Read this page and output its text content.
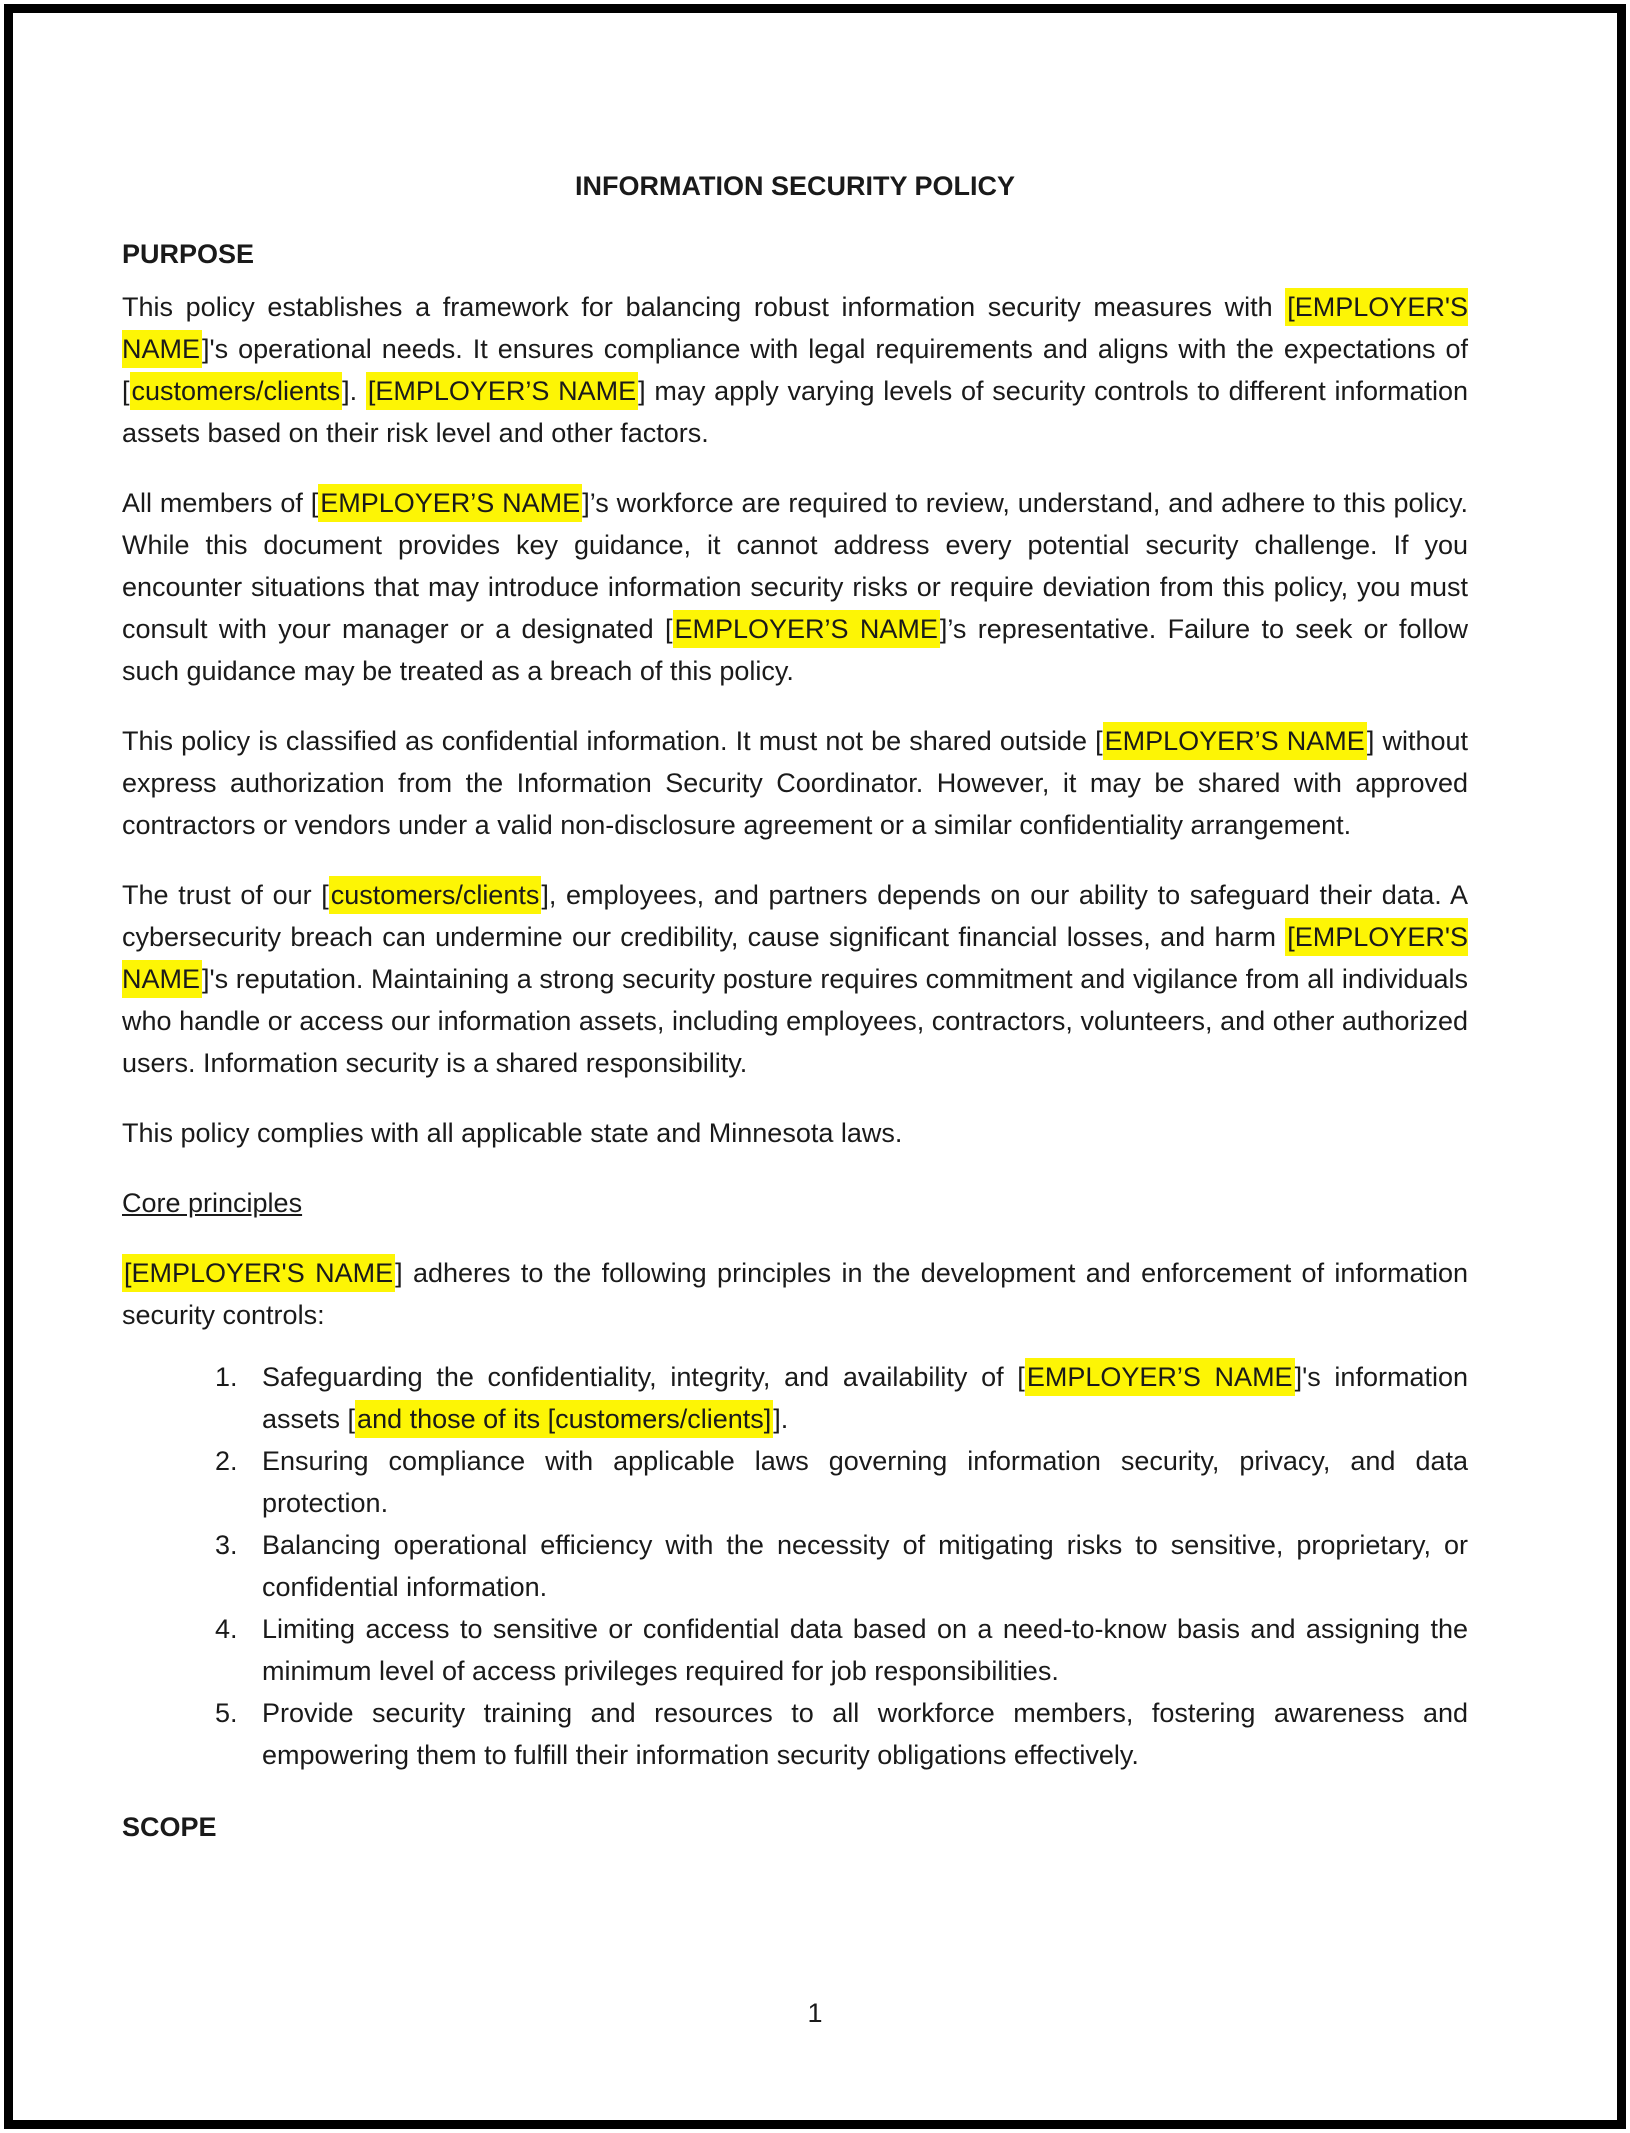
INFORMATION SECURITY POLICY
PURPOSE

This policy establishes a framework for balancing robust information security measures with [EMPLOYER'S NAME]'s operational needs. It ensures compliance with legal requirements and aligns with the expectations of [customers/clients]. [EMPLOYER’S NAME] may apply varying levels of security controls to different information assets based on their risk level and other factors.

All members of [EMPLOYER’S NAME]’s workforce are required to review, understand, and adhere to this policy. While this document provides key guidance, it cannot address every potential security challenge. If you encounter situations that may introduce information security risks or require deviation from this policy, you must consult with your manager or a designated [EMPLOYER’S NAME]’s representative. Failure to seek or follow such guidance may be treated as a breach of this policy.

This policy is classified as confidential information. It must not be shared outside [EMPLOYER’S NAME] without express authorization from the Information Security Coordinator. However, it may be shared with approved contractors or vendors under a valid non-disclosure agreement or a similar confidentiality arrangement.

The trust of our [customers/clients], employees, and partners depends on our ability to safeguard their data. A cybersecurity breach can undermine our credibility, cause significant financial losses, and harm [EMPLOYER'S NAME]'s reputation. Maintaining a strong security posture requires commitment and vigilance from all individuals who handle or access our information assets, including employees, contractors, volunteers, and other authorized users. Information security is a shared responsibility.

This policy complies with all applicable state and Minnesota laws.

Core principles

[EMPLOYER'S NAME] adheres to the following principles in the development and enforcement of information security controls:

1. Safeguarding the confidentiality, integrity, and availability of [EMPLOYER’S NAME]'s information assets [and those of its [customers/clients]].
2. Ensuring compliance with applicable laws governing information security, privacy, and data protection.
3. Balancing operational efficiency with the necessity of mitigating risks to sensitive, proprietary, or confidential information.
4. Limiting access to sensitive or confidential data based on a need-to-know basis and assigning the minimum level of access privileges required for job responsibilities.
5. Provide security training and resources to all workforce members, fostering awareness and empowering them to fulfill their information security obligations effectively.
SCOPE
1
